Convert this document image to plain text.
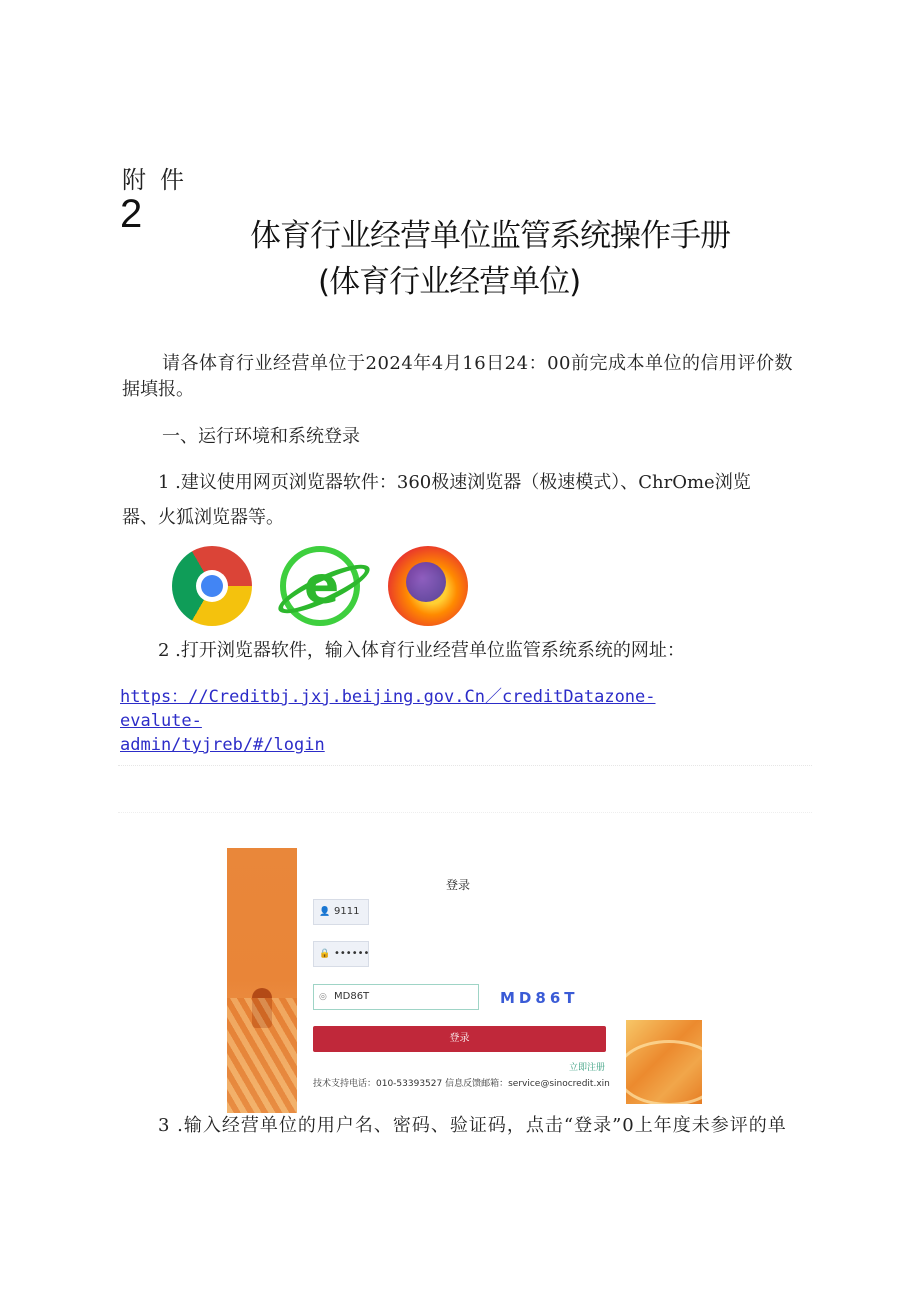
附件
2	体育行业经营单位监管系统操作手册
(体育行业经营单位)
请各体育行业经营单位于2024年4月16日24：00前完成本单位的信用评价数
据填报。
一、运行环境和系统登录
1 .建议使用网页浏览器软件：360极速浏览器（极速模式）、ChrOme浏览
器、火狐浏览器等。
e
2 .打开浏览器软件，输入体育行业经营单位监管系统系统的网址：
https：//Creditbj.jxj.beijing.gov.Cn／creditDatazone-evalute-
admin/tyjreb/#/login
登录
👤 9111
🔒 ••••••
◎ MD86T	MD86T
登录
立即注册
技术支持电话：010-53393527 信息反馈邮箱：service@sinocredit.xin
3 .输入经营单位的用户名、密码、验证码，点击“登录”0上年度未参评的单
